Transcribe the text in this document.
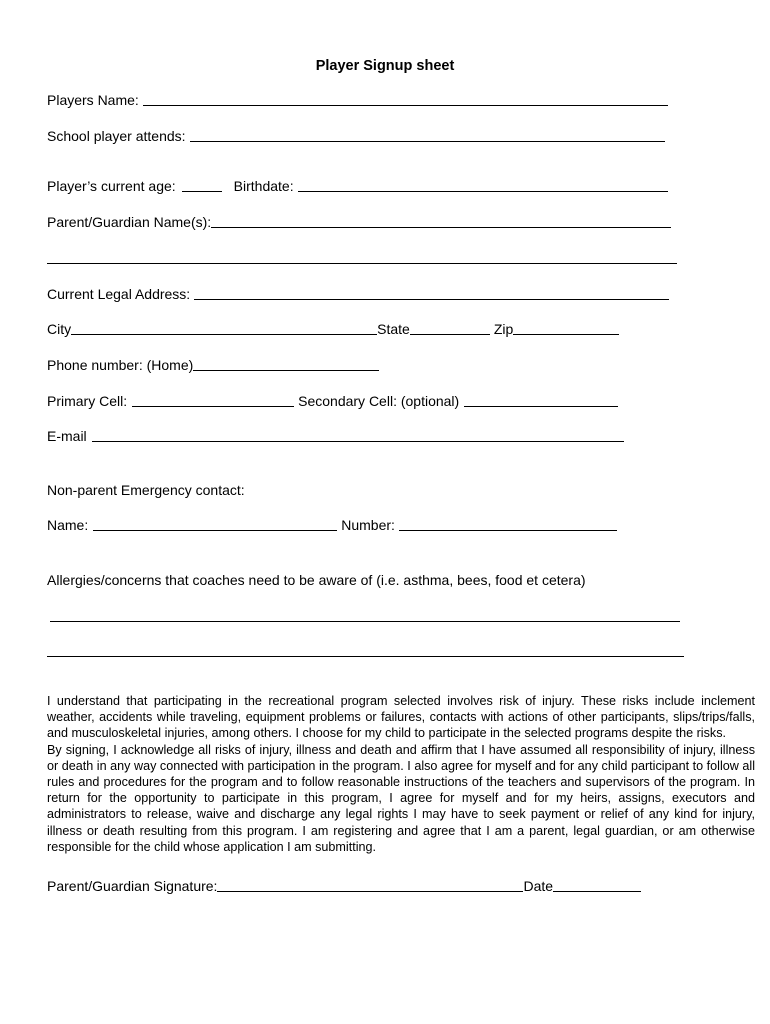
Player Signup sheet
Players Name:
School player attends:
Player’s current age:	Birthdate:
Parent/Guardian Name(s):
Current Legal Address:
City	State	Zip
Phone number: (Home)
Primary Cell:	Secondary Cell: (optional)
E-mail
Non-parent Emergency contact:
Name:	Number:
Allergies/concerns that coaches need to be aware of (i.e. asthma, bees, food et cetera)

I understand that participating in the recreational program selected involves risk of injury. These risks include inclement weather, accidents while traveling, equipment problems or failures, contacts with actions of other participants, slips/trips/falls, and musculoskeletal injuries, among others. I choose for my child to participate in the selected programs despite the risks.

By signing, I acknowledge all risks of injury, illness and death and affirm that I have assumed all responsibility of injury, illness or death in any way connected with participation in the program. I also agree for myself and for any child participant to follow all rules and procedures for the program and to follow reasonable instructions of the teachers and supervisors of the program. In return for the opportunity to participate in this program, I agree for myself and for my heirs, assigns, executors and administrators to release, waive and discharge any legal rights I may have to seek payment or relief of any kind for injury, illness or death resulting from this program. I am registering and agree that I am a parent, legal guardian, or am otherwise responsible for the child whose application I am submitting.

Parent/Guardian Signature:	Date
